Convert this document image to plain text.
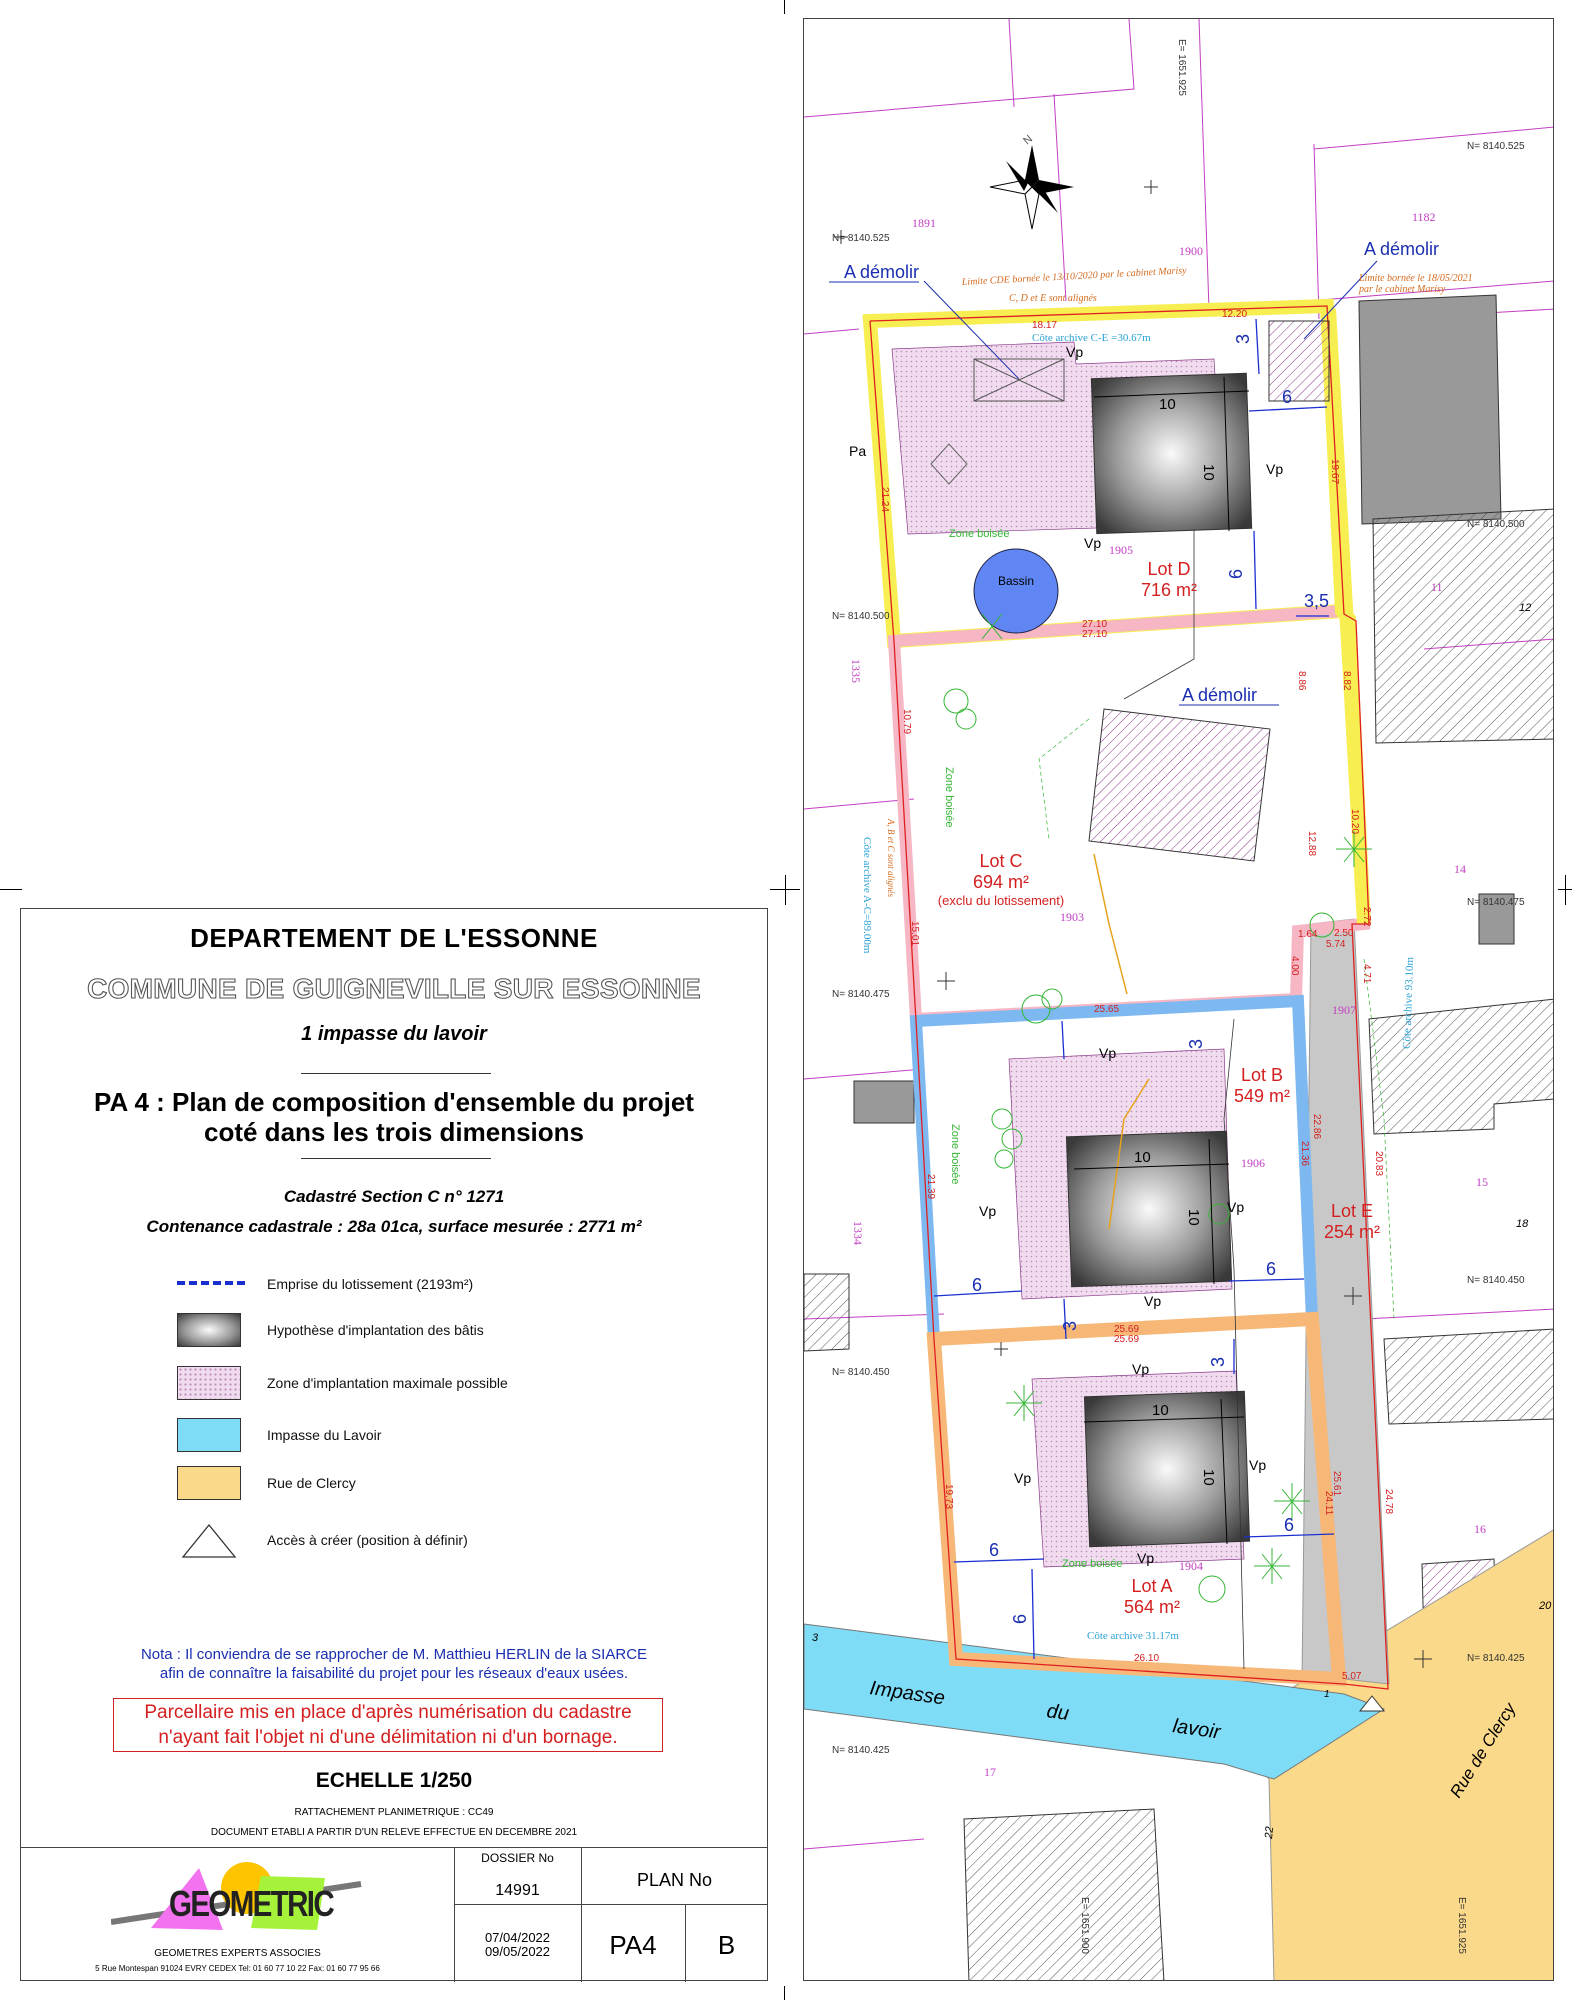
DEPARTEMENT DE L'ESSONNE
COMMUNE DE GUIGNEVILLE SUR ESSONNE
1 impasse du lavoir
PA 4 : Plan de composition d'ensemble du projet
coté dans les trois dimensions
Cadastré Section C n° 1271
Contenance cadastrale : 28a 01ca, surface mesurée : 2771 m²
Emprise du lotissement (2193m²)
Hypothèse d'implantation des bâtis
Zone d'implantation maximale possible
Impasse du Lavoir
Rue de Clercy
Accès à créer (position à définir)
Nota : Il conviendra de se rapprocher de M. Matthieu HERLIN de la SIARCE
afin de connaître la faisabilité du projet pour les réseaux d'eaux usées.
Parcellaire mis en place d'après numérisation du cadastre
n'ayant fait l'objet ni d'une délimitation ni d'un bornage.
ECHELLE 1/250
RATTACHEMENT PLANIMETRIQUE : CC49
DOCUMENT ETABLI A PARTIR D'UN RELEVE EFFECTUE EN DECEMBRE 2021
GEOMETRIC
GEOMETRES EXPERTS ASSOCIES
5 Rue Montespan 91024 EVRY CEDEX Tel: 01 60 77 10 22 Fax: 01 60 77 95 66
DOSSIER No
14991
PLAN No
07/04/2022
09/05/2022	PA4	B
Bassin
N
Lot D
716 m²
Lot C
694 m²
(exclu du lotissement)
Lot B
549 m²
Lot E
254 m²
Lot A
564 m²
A démolir
A démolir
A démolir
Pa
Vp
Vp
Vp
Vp
Vp	Vp
Vp
Vp
Vp
Vp
Vp
Zone boisée
Zone boisée
Zone boisée
Zone boisée
Côte archive C-E =30.67m
Côte archive A-C=89.00m
Côte archive 31.17m
Côte archive 93.10m
Limite CDE bornée le 13/10/2020 par le cabinet Marisy
C, D et E sont alignés
Limite bornée le 18/05/2021
par le cabinet Marisy
A, B et C sont alignés
Impasse
du
lavoir	Rue de Clercy
1891
1900
1182
1905
1335
1903
1907
1906
1334
1904
14
15
16
17
11
12
18
20
3
22
1
N= 8140.525
N= 8140.525
N= 8140.500
N= 8140.500
N= 8140.475
N= 8140.475
N= 8140.450
N= 8140.450
N= 8140.425
N= 8140.425
E= 1651.925
E= 1651.925
E= 1651.900
10
10
10
10
10
10
6
6
3
3,5
6
6
3
3
6
6
3
6
18.17
12.20
21.24
27.10
27.10
10.79
15.01
25.65
25.69
25.69
21.39
22.86
21.36
19.73
26.10
25.61
24.11	24.78
20.83
19.67
8.86	8.82
12.88
10.20
5.74
2.50
1.64
4.00
2.72
4.71
5.07
